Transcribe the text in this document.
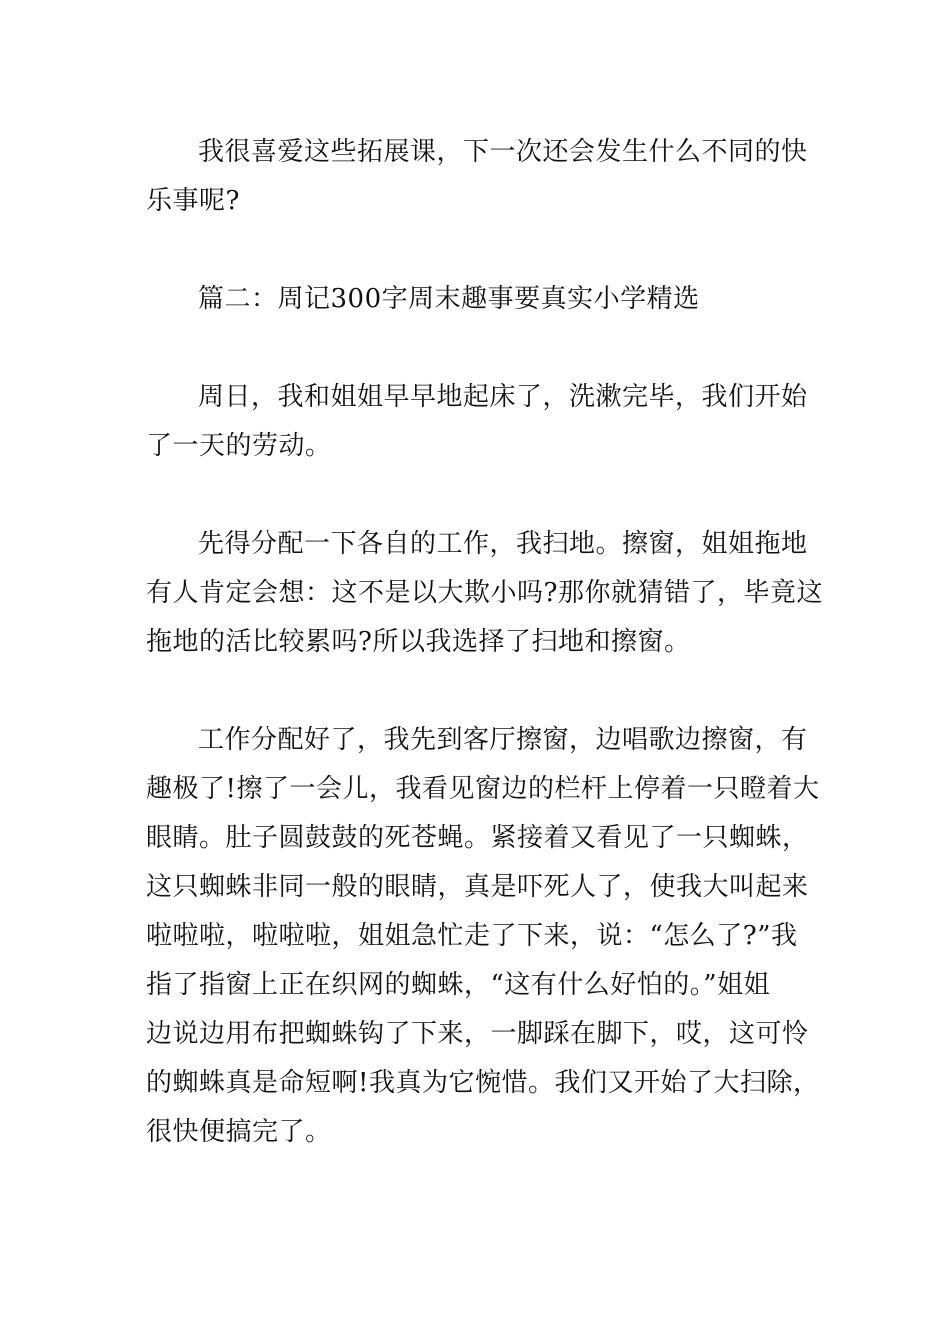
我很喜爱这些拓展课，下一次还会发生什么不同的快
乐事呢?

篇二：周记300字周末趣事要真实小学精选

周日，我和姐姐早早地起床了，洗漱完毕，我们开始
了一天的劳动。

先得分配一下各自的工作，我扫地。擦窗，姐姐拖地
有人肯定会想：这不是以大欺小吗?那你就猜错了，毕竟这
拖地的活比较累吗?所以我选择了扫地和擦窗。

工作分配好了，我先到客厅擦窗，边唱歌边擦窗，有
趣极了!擦了一会儿，我看见窗边的栏杆上停着一只瞪着大
眼睛。肚子圆鼓鼓的死苍蝇。紧接着又看见了一只蜘蛛，
这只蜘蛛非同一般的眼睛，真是吓死人了，使我大叫起来
啦啦啦，啦啦啦，姐姐急忙走了下来，说：“怎么了?”我
指了指窗上正在织网的蜘蛛，“这有什么好怕的。”姐姐
边说边用布把蜘蛛钩了下来，一脚踩在脚下，哎，这可怜
的蜘蛛真是命短啊!我真为它惋惜。我们又开始了大扫除，
很快便搞完了。
